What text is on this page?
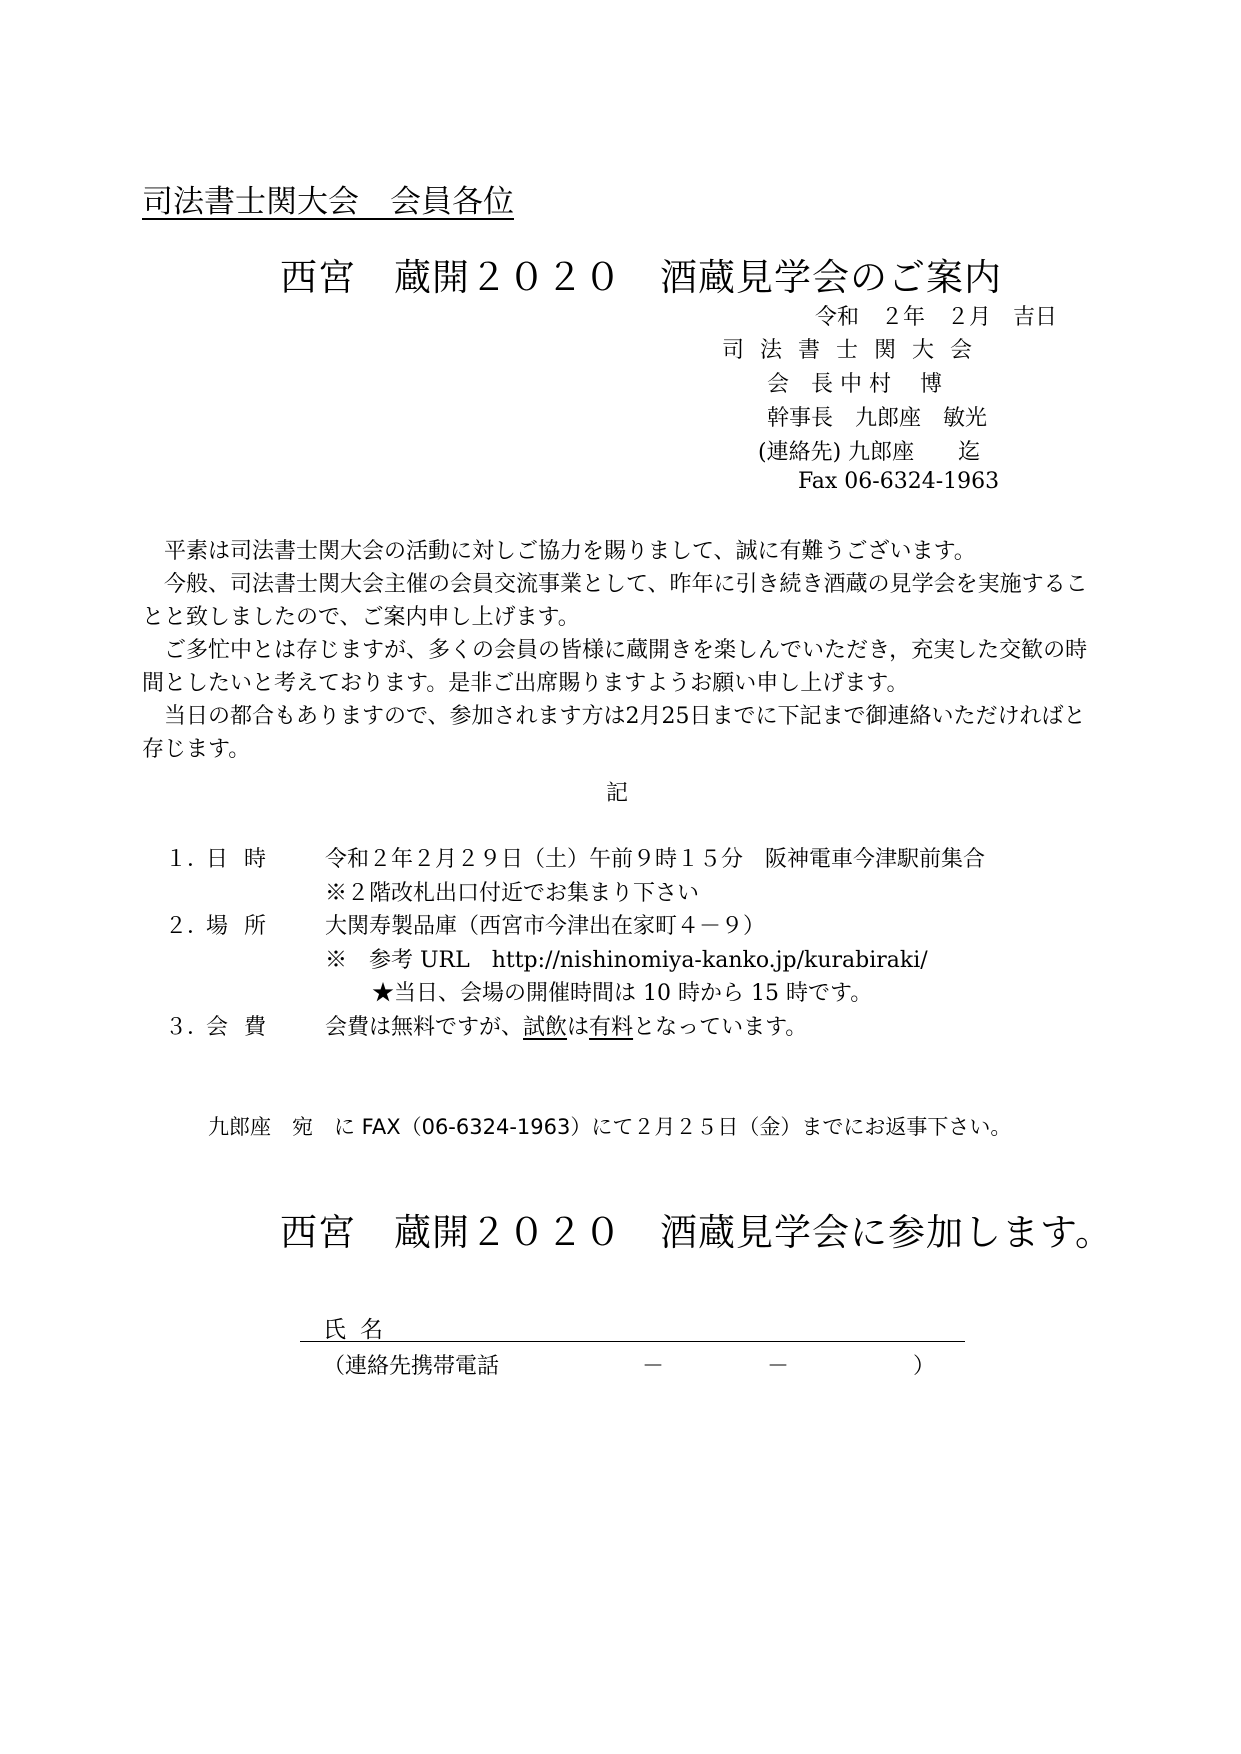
司法書士関大会　会員各位
西宮　蔵開２０２０　酒蔵見学会のご案内
令和　２年　２月　吉日
司法書士関大会
会　長 中 村　 博
幹事長　九郎座　敏光
(連絡先) 九郎座　　迄
Fax 06-6324-1963

平素は司法書士関大会の活動に対しご協力を賜りまして、誠に有難うございます。

今般、司法書士関大会主催の会員交流事業として、昨年に引き続き酒蔵の見学会を実施することと致しましたので、ご案内申し上げます。

ご多忙中とは存じますが、多くの会員の皆様に蔵開きを楽しんでいただき，充実した交歓の時間としたいと考えております。是非ご出席賜りますようお願い申し上げます。

当日の都合もありますので、参加されます方は2月25日までに下記まで御連絡いただければと存じます。

記
１．
日時 令和２年２月２９日（土）午前９時１５分　阪神電車今津駅前集合
※２階改札出口付近でお集まり下さい
２．
場所 大関寿製品庫（西宮市今津出在家町４－９）
※　参考 URL　http://nishinomiya-kanko.jp/kurabiraki/
★当日、会場の開催時間は 10 時から 15 時です。
３．
会費 会費は無料ですが、試飲は有料となっています。
九郎座　宛　に FAX（06-6324-1963）にて２月２５日（金）までにお返事下さい。
西宮　蔵開２０２０　酒蔵見学会に参加します。
氏名
（連絡先携帯電話	－	－	）
